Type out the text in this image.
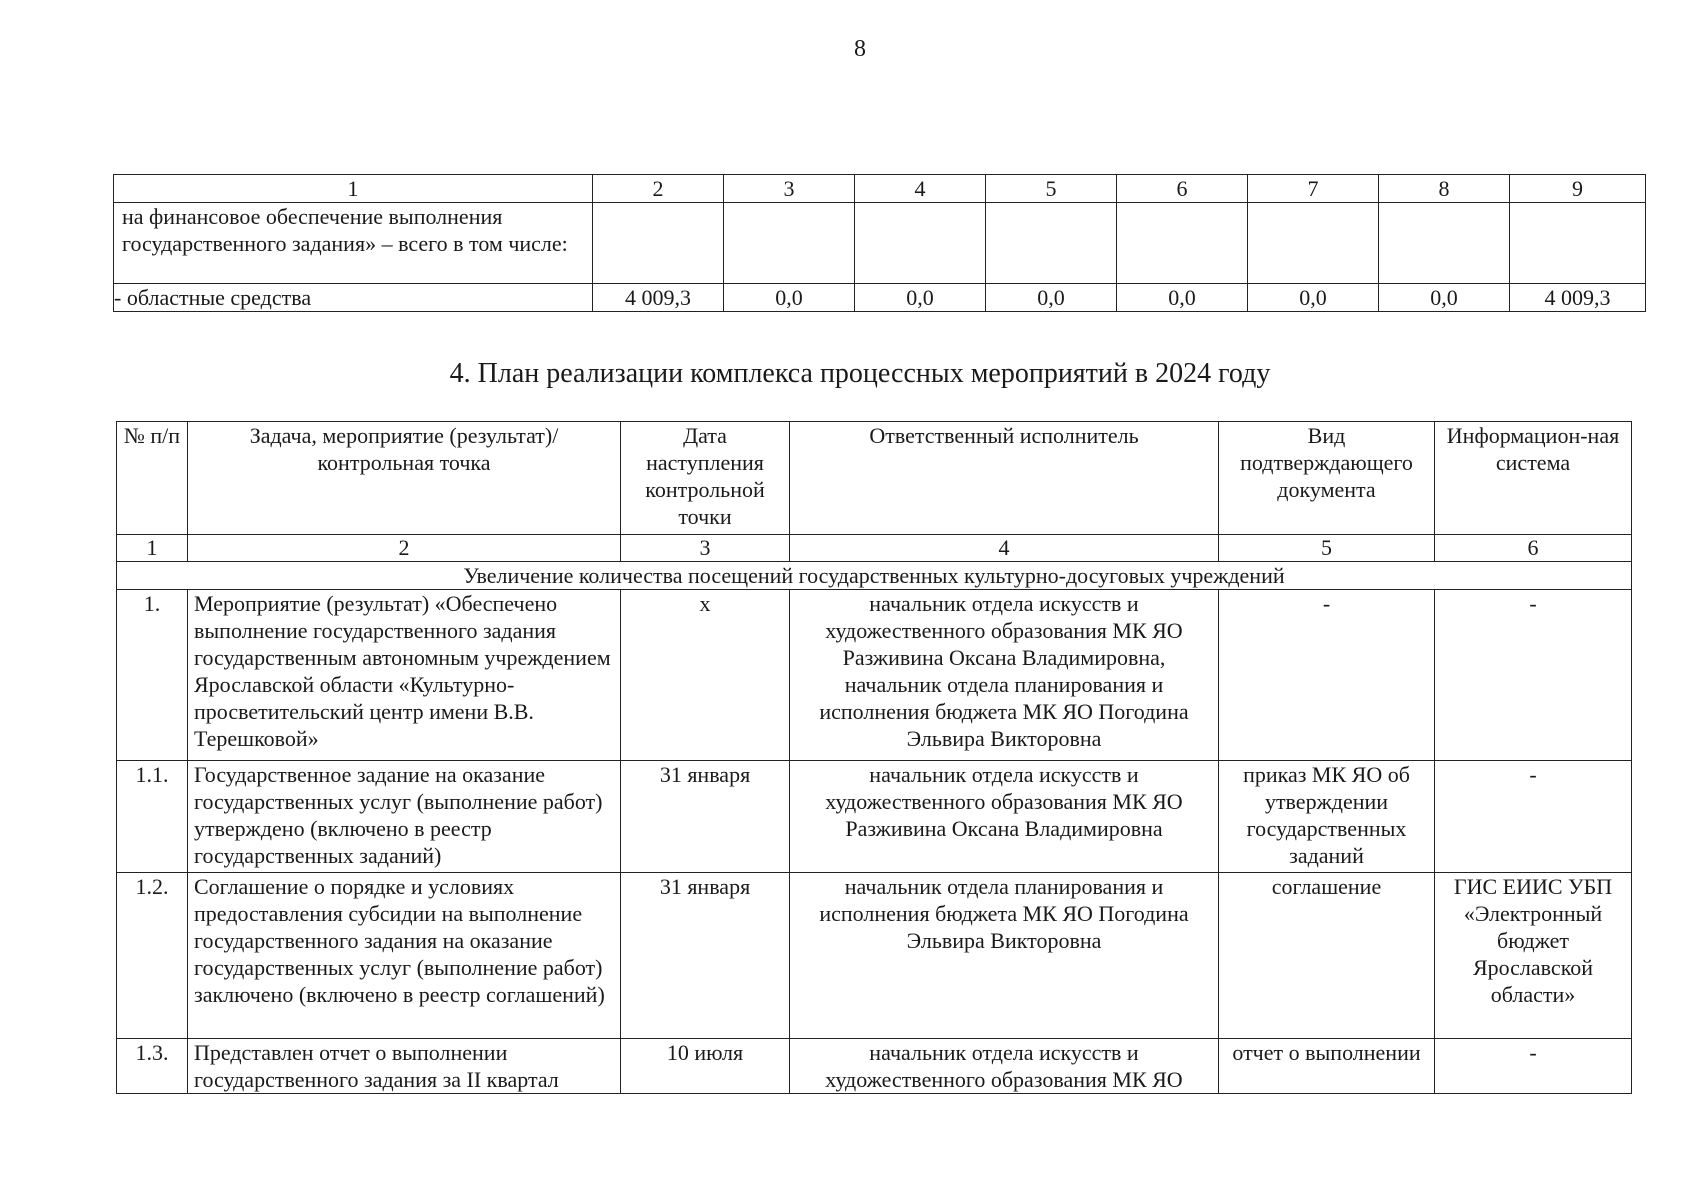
8
1	2	3	4	5	6	7	8	9
на финансовое обеспечение выполнения государственного задания» – всего в том числе:								
- областные средства	4 009,3	0,0	0,0	0,0	0,0	0,0	0,0	4 009,3
4. План реализации комплекса процессных мероприятий в 2024 году
№ п/п	Задача, мероприятие (результат)/ контрольная точка	Дата наступления контрольной точки	Ответственный исполнитель	Вид подтверждающего документа	Информацион-ная система
1	2	3	4	5	6
Увеличение количества посещений государственных культурно-досуговых учреждений					
1.	Мероприятие (результат) «Обеспечено выполнение государственного задания государственным автономным учреждением Ярославской области «Культурно-просветительский центр имени В.В. Терешковой»	х	начальник отдела искусств и художественного образования МК ЯО Разживина Оксана Владимировна, начальник отдела планирования и исполнения бюджета МК ЯО Погодина Эльвира Викторовна	-	-
1.1.	Государственное задание на оказание государственных услуг (выполнение работ) утверждено (включено в реестр государственных заданий)	31 января	начальник отдела искусств и художественного образования МК ЯО Разживина Оксана Владимировна	приказ МК ЯО об утверждении государственных заданий	-
1.2.	Соглашение о порядке и условиях предоставления субсидии на выполнение государственного задания на оказание государственных услуг (выполнение работ) заключено (включено в реестр соглашений)	31 января	начальник отдела планирования и исполнения бюджета МК ЯО Погодина Эльвира Викторовна	соглашение	ГИС ЕИИС УБП «Электронный бюджет Ярославской области»
1.3.	Представлен отчет о выполнении государственного задания за II квартал	10 июля	начальник отдела искусств и художественного образования МК ЯО	отчет о выполнении	-
